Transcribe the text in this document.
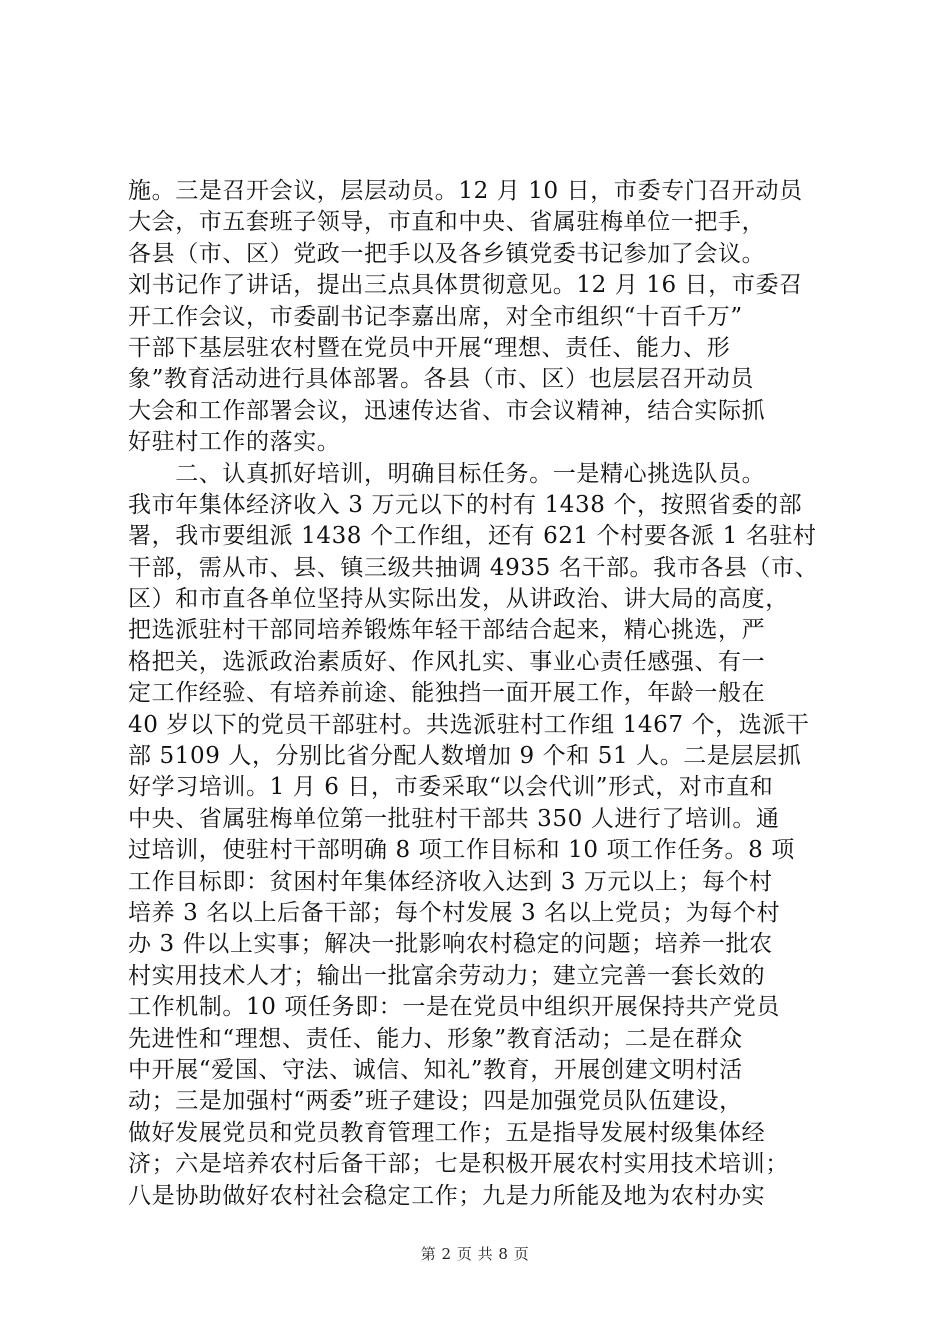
施。三是召开会议，层层动员。12 月 10 日，市委专门召开动员
大会，市五套班子领导，市直和中央、省属驻梅单位一把手，
各县（市、区）党政一把手以及各乡镇党委书记参加了会议。
刘书记作了讲话，提出三点具体贯彻意见。12 月 16 日，市委召
开工作会议，市委副书记李嘉出席，对全市组织“十百千万”
干部下基层驻农村暨在党员中开展“理想、责任、能力、形
象”教育活动进行具体部署。各县（市、区）也层层召开动员
大会和工作部署会议，迅速传达省、市会议精神，结合实际抓
好驻村工作的落实。
　　二、认真抓好培训，明确目标任务。一是精心挑选队员。
我市年集体经济收入 3 万元以下的村有 1438 个，按照省委的部
署，我市要组派 1438 个工作组，还有 621 个村要各派 1 名驻村
干部，需从市、县、镇三级共抽调 4935 名干部。我市各县（市、
区）和市直各单位坚持从实际出发，从讲政治、讲大局的高度，
把选派驻村干部同培养锻炼年轻干部结合起来，精心挑选，严
格把关，选派政治素质好、作风扎实、事业心责任感强、有一
定工作经验、有培养前途、能独挡一面开展工作，年龄一般在
40 岁以下的党员干部驻村。共选派驻村工作组 1467 个，选派干
部 5109 人，分别比省分配人数增加 9 个和 51 人。二是层层抓
好学习培训。1 月 6 日，市委采取“以会代训”形式，对市直和
中央、省属驻梅单位第一批驻村干部共 350 人进行了培训。通
过培训，使驻村干部明确 8 项工作目标和 10 项工作任务。8 项
工作目标即：贫困村年集体经济收入达到 3 万元以上；每个村
培养 3 名以上后备干部；每个村发展 3 名以上党员；为每个村
办 3 件以上实事；解决一批影响农村稳定的问题；培养一批农
村实用技术人才；输出一批富余劳动力；建立完善一套长效的
工作机制。10 项任务即：一是在党员中组织开展保持共产党员
先进性和“理想、责任、能力、形象”教育活动；二是在群众
中开展“爱国、守法、诚信、知礼”教育，开展创建文明村活
动；三是加强村“两委”班子建设；四是加强党员队伍建设，
做好发展党员和党员教育管理工作；五是指导发展村级集体经
济；六是培养农村后备干部；七是积极开展农村实用技术培训；
八是协助做好农村社会稳定工作；九是力所能及地为农村办实
第 2 页 共 8 页
